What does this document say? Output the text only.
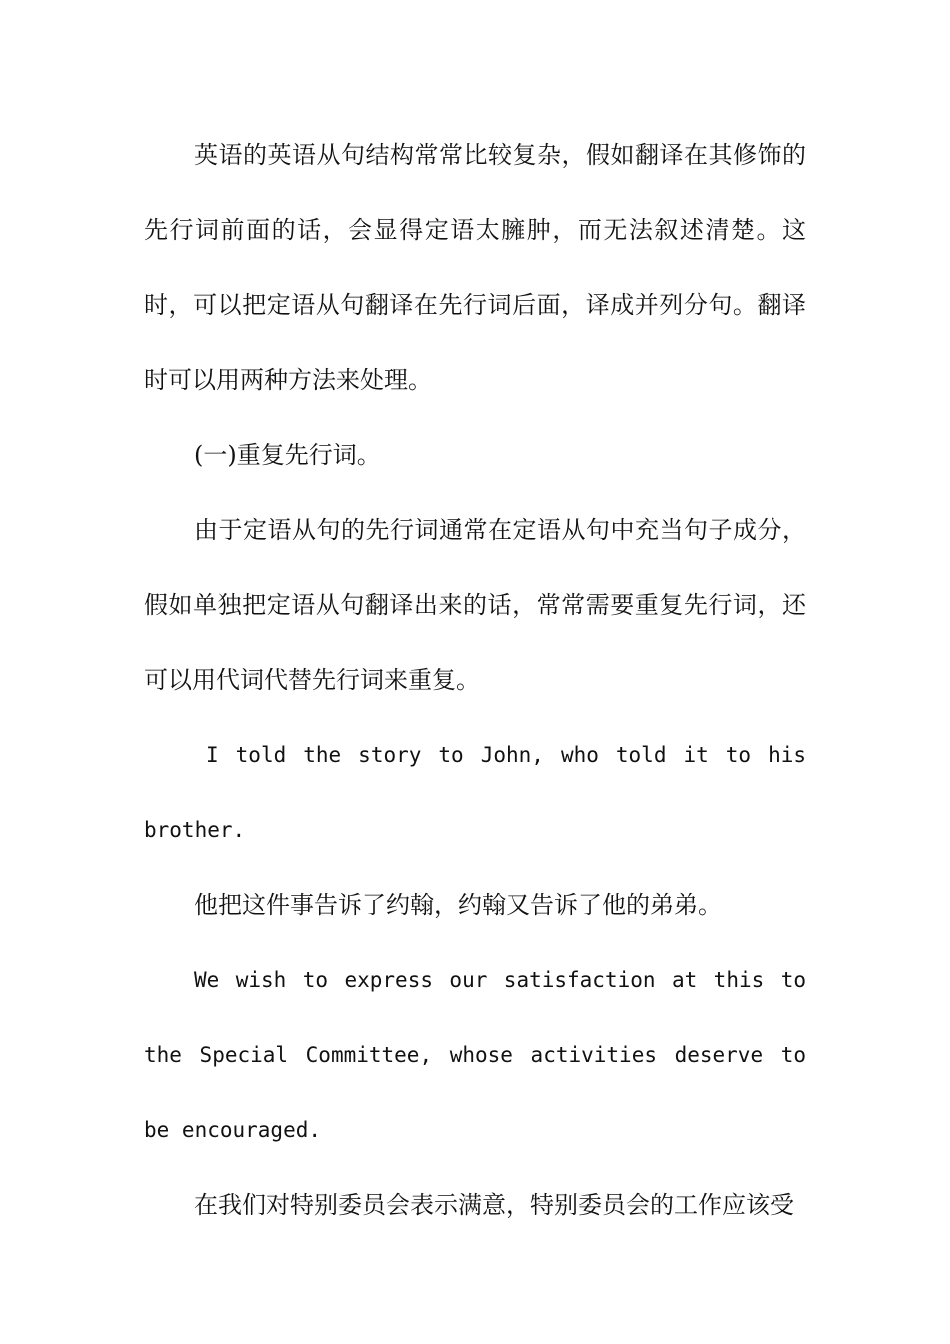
英语的英语从句结构常常比较复杂，假如翻译在其修饰的先行词前面的话，会显得定语太臃肿，而无法叙述清楚。这时，可以把定语从句翻译在先行词后面，译成并列分句。翻译时可以用两种方法来处理。

(一)重复先行词。

由于定语从句的先行词通常在定语从句中充当句子成分，假如单独把定语从句翻译出来的话，常常需要重复先行词，还可以用代词代替先行词来重复。

I told the story to John, who told it to his brother.

他把这件事告诉了约翰，约翰又告诉了他的弟弟。

We wish to express our satisfaction at this to the Special Committee, whose activities deserve to be encouraged.

在我们对特别委员会表示满意，特别委员会的工作应该受
